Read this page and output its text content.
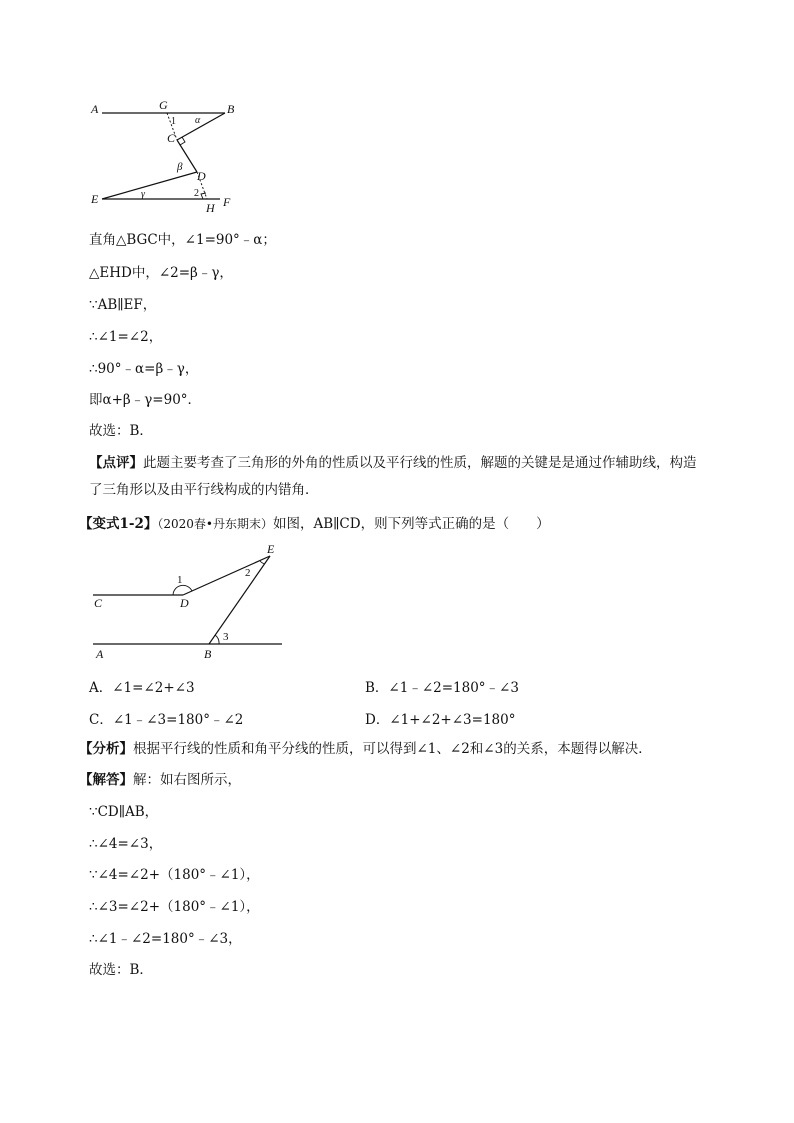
A	G	B
1 α
C
β
D
E	γ	2
H F
直角△BGC中，∠1=90°﹣α；
△EHD中，∠2=β﹣γ，
∵AB∥EF，
∴∠1=∠2，
∴90°﹣α=β﹣γ，
即α+β﹣γ=90°．
故选：B．
【点评】此题主要考查了三角形的外角的性质以及平行线的性质，解题的关键是是通过作辅助线，构造了三角形以及由平行线构成的内错角．
【变式1-2】（2020春•丹东期末）如图，AB∥CD，则下列等式正确的是（　　）
C	D
1
E
2
A	B
3
A．∠1=∠2+∠3	B．∠1﹣∠2=180°﹣∠3
C．∠1﹣∠3=180°﹣∠2	D．∠1+∠2+∠3=180°
【分析】根据平行线的性质和角平分线的性质，可以得到∠1、∠2和∠3的关系，本题得以解决．
【解答】解：如右图所示，
∵CD∥AB，
∴∠4=∠3，
∵∠4=∠2+（180°﹣∠1），
∴∠3=∠2+（180°﹣∠1），
∴∠1﹣∠2=180°﹣∠3，
故选：B．
